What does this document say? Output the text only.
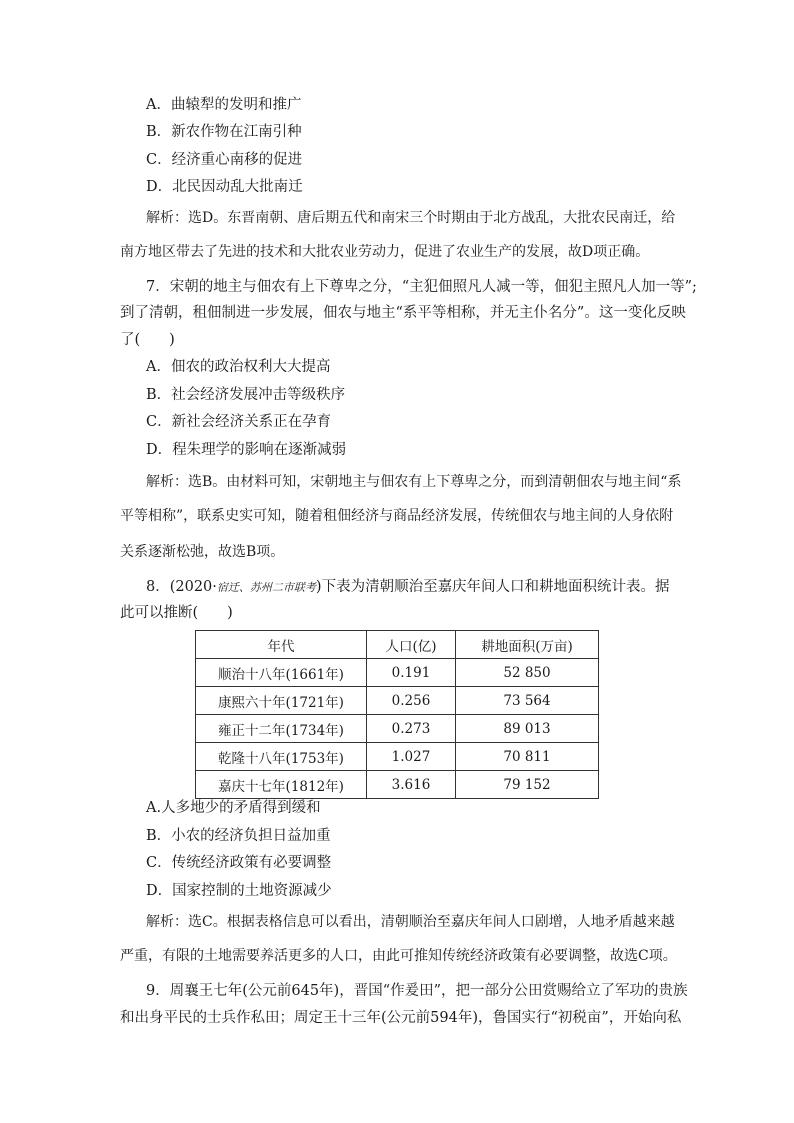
A．曲辕犁的发明和推广
B．新农作物在江南引种
C．经济重心南移的促进
D．北民因动乱大批南迁
解析：选D。东晋南朝、唐后期五代和南宋三个时期由于北方战乱，大批农民南迁，给
南方地区带去了先进的技术和大批农业劳动力，促进了农业生产的发展，故D项正确。
7．宋朝的地主与佃农有上下尊卑之分，“主犯佃照凡人减一等，佃犯主照凡人加一等”;
到了清朝，租佃制进一步发展，佃农与地主“系平等相称，并无主仆名分”。这一变化反映
了(　　)
A．佃农的政治权利大大提高
B．社会经济发展冲击等级秩序
C．新社会经济关系正在孕育
D．程朱理学的影响在逐渐减弱
解析：选B。由材料可知，宋朝地主与佃农有上下尊卑之分，而到清朝佃农与地主间“系
平等相称”，联系史实可知，随着租佃经济与商品经济发展，传统佃农与地主间的人身依附
关系逐渐松弛，故选B项。
8．(2020·宿迁、苏州二市联考)下表为清朝顺治至嘉庆年间人口和耕地面积统计表。据
此可以推断(　　)
年代	人口(亿)	耕地面积(万亩)
顺治十八年(1661年)	0.191	52 850
康熙六十年(1721年)	0.256	73 564
雍正十二年(1734年)	0.273	89 013
乾隆十八年(1753年)	1.027	70 811
嘉庆十七年(1812年)	3.616	79 152
A.人多地少的矛盾得到缓和
B．小农的经济负担日益加重
C．传统经济政策有必要调整
D．国家控制的土地资源减少
解析：选C。根据表格信息可以看出，清朝顺治至嘉庆年间人口剧增，人地矛盾越来越
严重，有限的土地需要养活更多的人口，由此可推知传统经济政策有必要调整，故选C项。
9．周襄王七年(公元前645年)，晋国“作爰田”，把一部分公田赏赐给立了军功的贵族
和出身平民的士兵作私田；周定王十三年(公元前594年)，鲁国实行“初税亩”，开始向私
